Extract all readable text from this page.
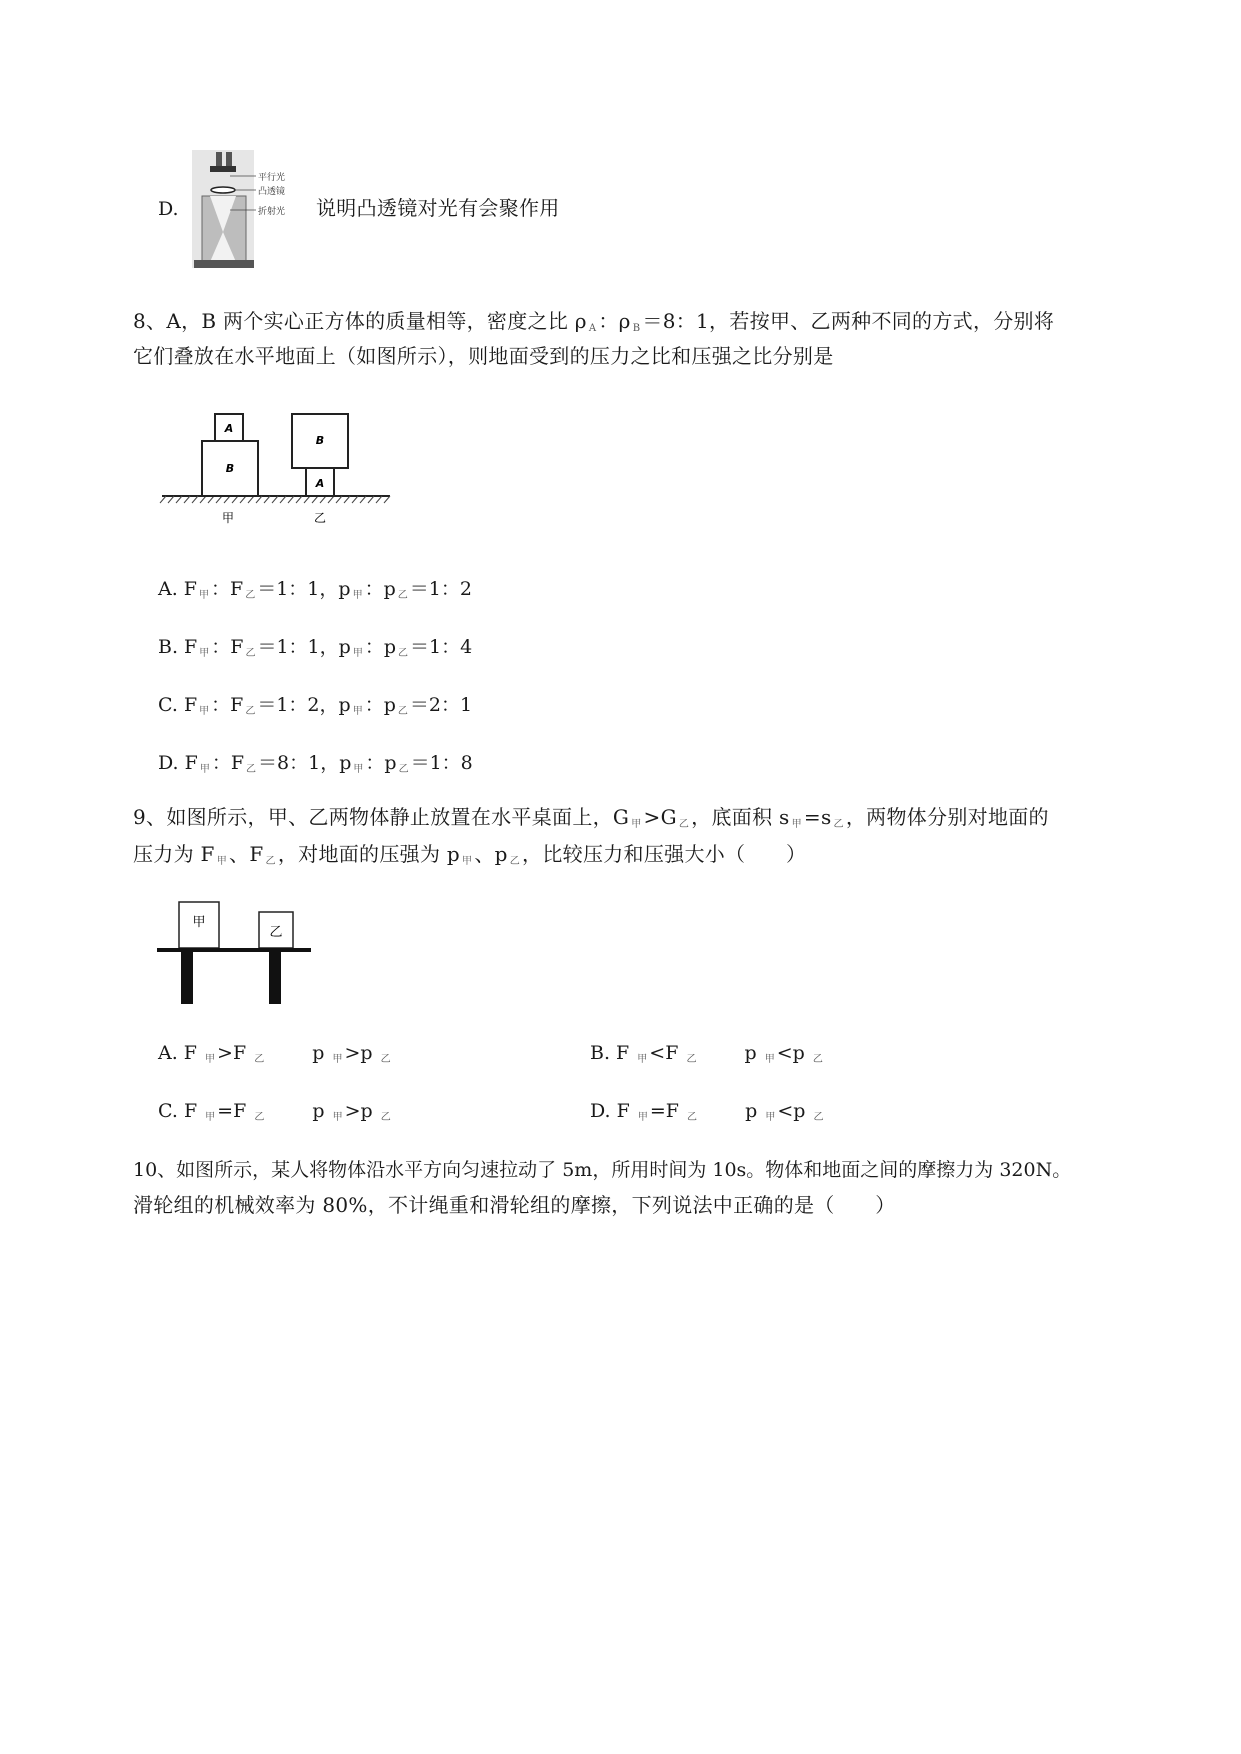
D.
平行光
凸透镜
折射光 说明凸透镜对光有会聚作用
8、A，B 两个实心正方体的质量相等，密度之比 ρ $_A$ ：ρ $_B$ ＝8：1，若按甲、乙两种不同的方式，分别将
它们叠放在水平地面上（如图所示），则地面受到的压力之比和压强之比分别是
B
A
B
A
甲	乙
A. F $_甲$ ：F $_乙$ ＝1：1，p $_甲$ ：p $_乙$ ＝1：2
B. F $_甲$ ：F $_乙$ ＝1：1，p $_甲$ ：p $_乙$ ＝1：4
C. F $_甲$ ：F $_乙$ ＝1：2，p $_甲$ ：p $_乙$ ＝2：1
D. F $_甲$ ：F $_乙$ ＝8：1，p $_甲$ ：p $_乙$ ＝1：8
9、如图所示，甲、乙两物体静止放置在水平桌面上，G $_甲$ >G $_乙$ ，底面积 s $_甲$ =s $_乙$ ，两物体分别对地面的
压力为 F $_甲$ 、F $_乙$ ，对地面的压强为 p $_甲$ 、p $_乙$ ，比较压力和压强大小（　　）
甲
乙
A. F $_甲$ >F $_乙$  p $_甲$ >p $_乙$	B. F $_甲$ <F $_乙$  p $_甲$ <p $_乙$
C. F $_甲$ =F $_乙$  p $_甲$ >p $_乙$	D. F $_甲$ =F $_乙$  p $_甲$ <p $_乙$
10、如图所示，某人将物体沿水平方向匀速拉动了 5m，所用时间为 10s。物体和地面之间的摩擦力为 320N。
滑轮组的机械效率为 80%，不计绳重和滑轮组的摩擦，下列说法中正确的是（　　）
